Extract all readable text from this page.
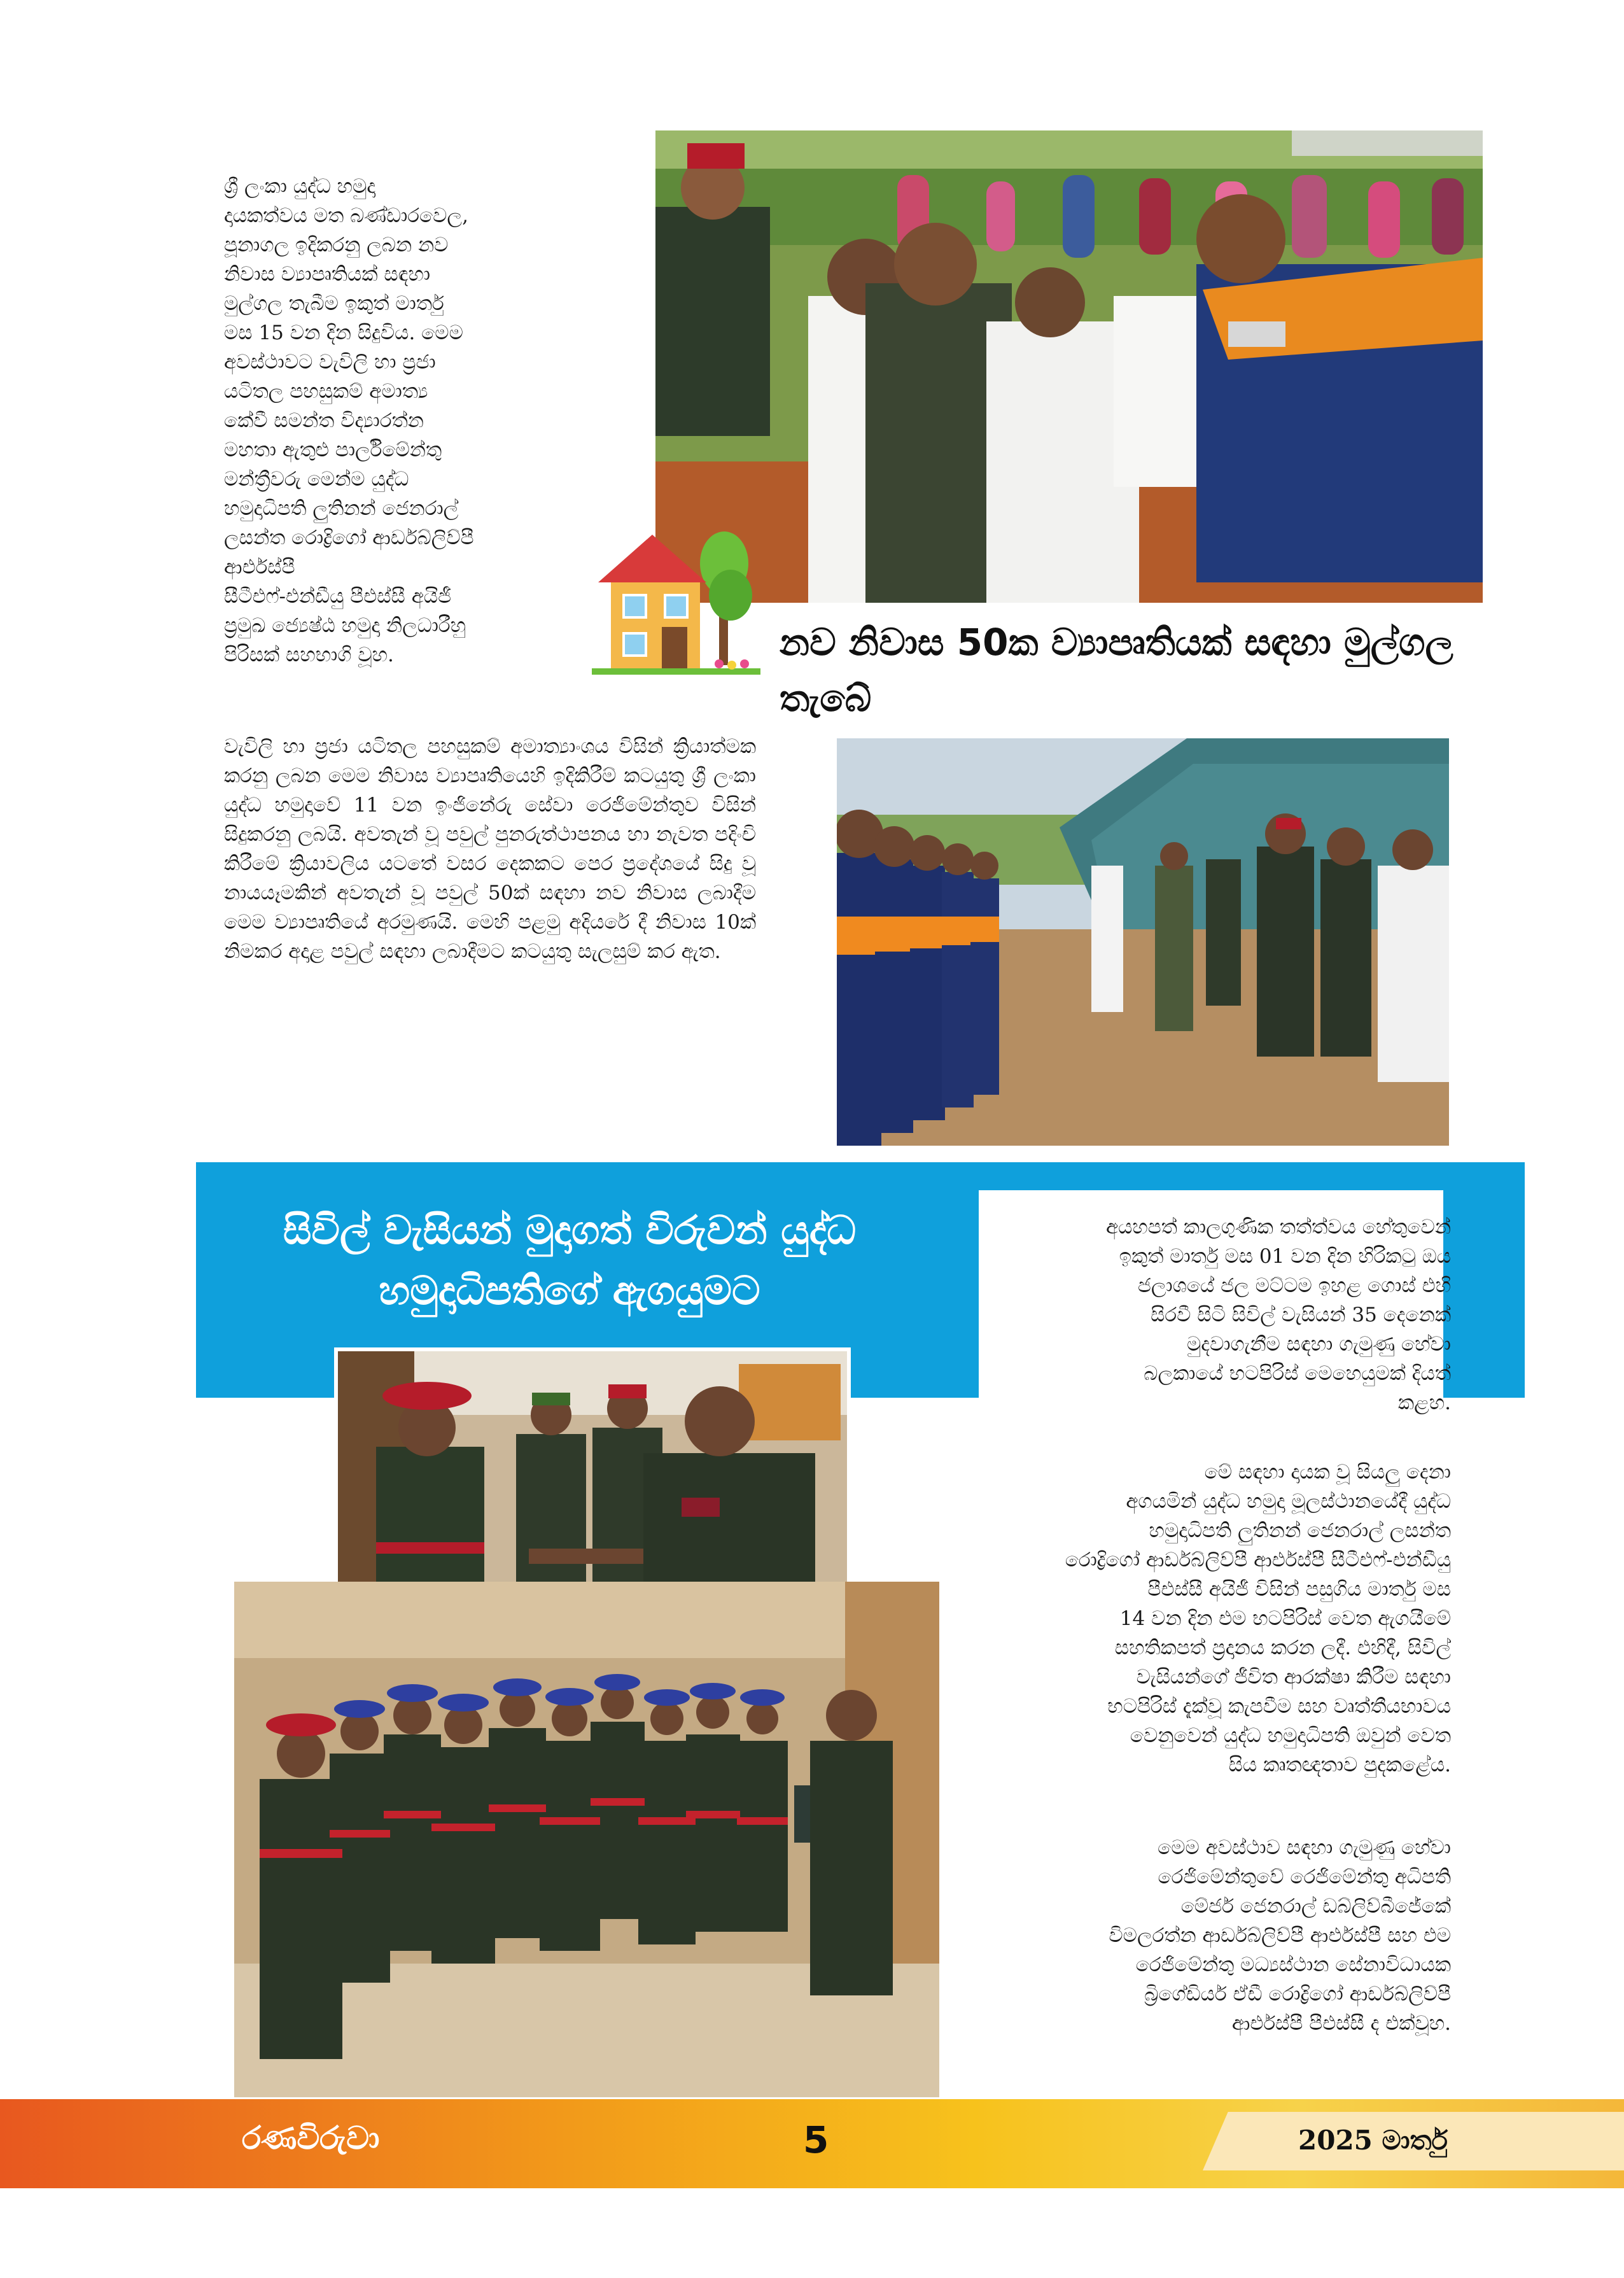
ශ්‍රී ලංකා යුද්ධ හමුදා
දායකත්වය මත බණ්ඩාරවෙල,
පූනාගල ඉදිකරනු ලබන නව
නිවාස ව්‍යාපෘතියක් සඳහා
මුල්ගල තැබීම ඉකුත් මාර්තු
මස 15 වන දින සිදුවිය. මෙම
අවස්ථාවට වැවිලි හා ප්‍රජා
යටිතල පහසුකම් අමාත්‍ය
කේවී සමන්ත විද්‍යාරත්න
මහතා ඇතුළු පාර්ලිමේන්තු
මන්ත්‍රීවරු මෙන්ම යුද්ධ
හමුදාධිපති ලුතිනන් ජෙනරාල්
ලසන්ත රොද්‍රිගෝ ආර්ඩබ්ලිව්පී
ආර්එස්පී
සීටීඑෆ්-එන්ඩීයු පීඑස්සී අයිජී
ප්‍රමුඛ ජ්‍යෙෂ්ඨ හමුදා නිලධාරීහු
පිරිසක් සහභාගි වූහ.	නව නිවාස 50ක ව්‍යාපෘතියක් සඳහා මුල්ගල තැබේ
වැවිලි හා ප්‍රජා යටිතල පහසුකම් අමාත්‍යාංශය විසින් ක්‍රියාත්මක කරනු ලබන මෙම නිවාස ව්‍යාපෘතියෙහි ඉදිකිරීම් කටයුතු ශ්‍රී ලංකා යුද්ධ හමුදාවේ 11 වන ඉංජිනේරු සේවා රෙජිමේන්තුව විසින් සිදුකරනු ලබයි. අවතැන් වූ පවුල් පුනරුත්ථාපනය හා නැවත පදිංචි කිරීමේ ක්‍රියාවලිය යටතේ වසර දෙකකට පෙර ප්‍රදේශයේ සිදු වූ නායයෑමකින් අවතැන් වූ පවුල් 50ක් සඳහා නව නිවාස ලබාදීම මෙම ව්‍යාපෘතියේ අරමුණයි. මෙහි පළමු අදියරේ දී නිවාස 10ක් නිමකර අදාළ පවුල් සඳහා ලබාදීමට කටයුතු සැලසුම් කර ඇත.
සිවිල් වැසියන් මුදාගත් විරුවන් යුද්ධ හමුදාධිපතිගේ ඇගයුමට
අයහපත් කාලගුණික තත්ත්වය හේතුවෙන්
ඉකුත් මාර්තු මස 01 වන දින හිරිකටු ඔය
ජලාශයේ ජල මට්ටම ඉහළ ගොස් එහි
සිරවී සිටි සිවිල් වැසියන් 35 දෙනෙක්
මුදවාගැනීම සඳහා ගැමුණු හේවා
බලකායේ භටපිරිස් මෙහෙයුමක් දියත්
කළහ.
මේ සඳහා දායක වූ සියලු දෙනා
අගයමින් යුද්ධ හමුදා මූලස්ථානයේදී යුද්ධ
හමුදාධිපති ලුතිනන් ජෙනරාල් ලසන්ත
රොද්‍රිගෝ ආර්ඩබ්ලිව්පී ආර්එස්පී සීටීඑෆ්-එන්ඩීයු
පීඑස්සී අයිජී විසින් පසුගිය මාර්තු මස
14 වන දින එම භටපිරිස් වෙත ඇගයීමේ
සහතිකපත් ප්‍රදානය කරන ලදී. එහිදී, සිවිල්
වැසියන්ගේ ජීවිත ආරක්ෂා කිරීම සඳහා
භටපිරිස් දැක්වූ කැපවීම සහ වෘත්තීයභාවය
වෙනුවෙන් යුද්ධ හමුදාධිපති ඔවුන් වෙත
සිය කෘතඥතාව පුදකළේය.
මෙම අවස්ථාව සඳහා ගැමුණු හේවා
රෙජිමේන්තුවේ රෙජිමේන්තු අධිපති
මේජර් ජෙනරාල් ඩබ්ලිව්බීජේකේ
විමලරත්න ආර්ඩබ්ලිව්පී ආර්එස්පී සහ එම
රෙජිමේන්තු මධ්‍යස්ථාන සේනාවිධායක
බ්‍රිගේඩියර් ඒඩී රොද්‍රිගෝ ආර්ඩබ්ලිව්පී
ආර්එස්පී පීඑස්සී ද එක්වූහ.
රණවිරුවා	5	2025 මාර්තු
